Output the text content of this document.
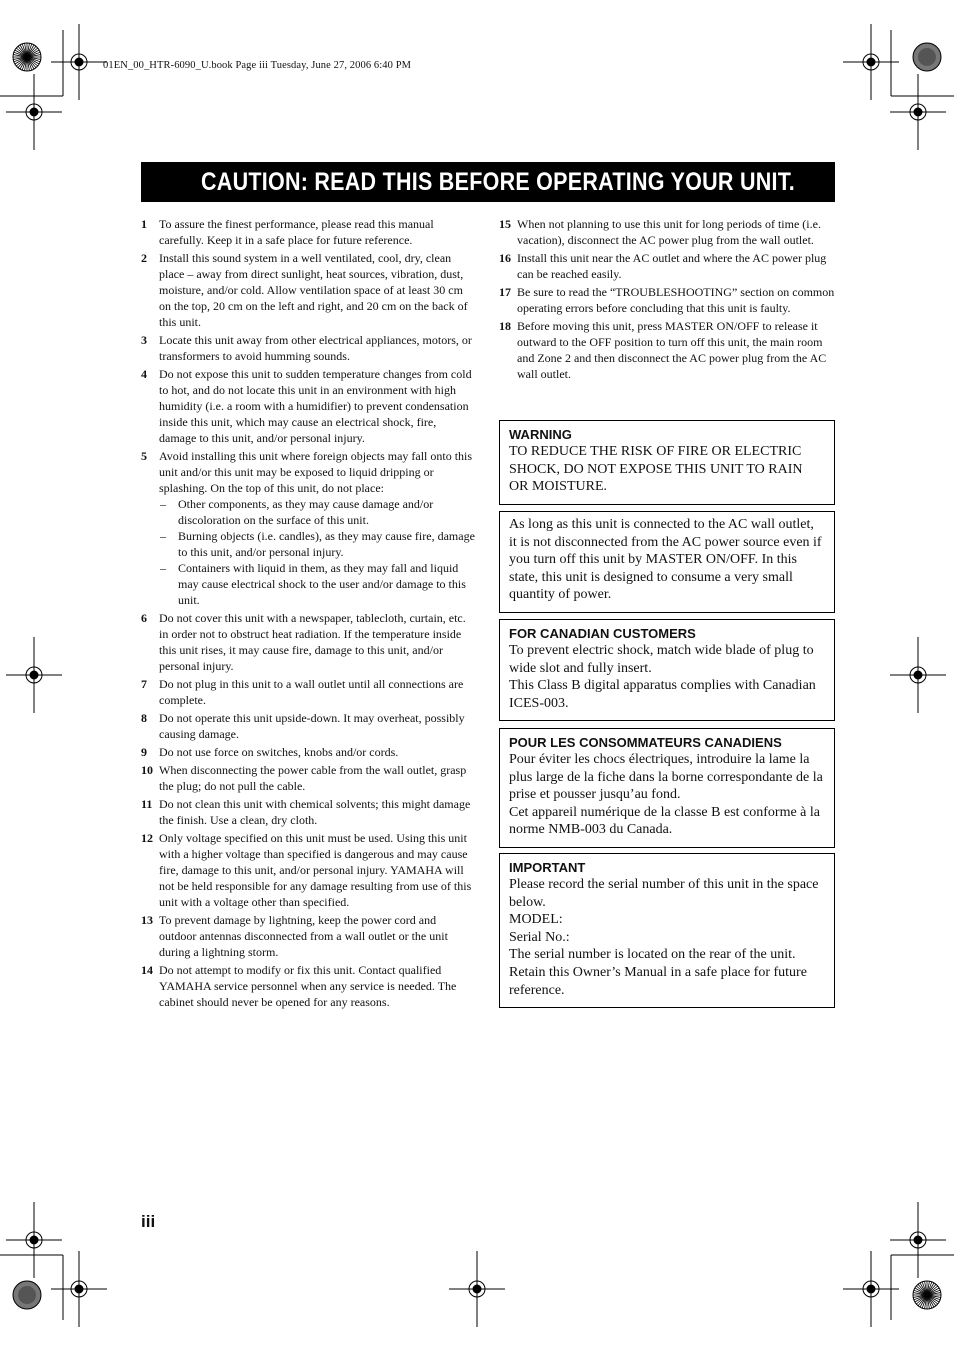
01EN_00_HTR-6090_U.book Page iii Tuesday, June 27, 2006 6:40 PM
CAUTION: READ THIS BEFORE OPERATING YOUR UNIT.
1	To assure the finest performance, please read this manual carefully. Keep it in a safe place for future reference.
2	Install this sound system in a well ventilated, cool, dry, clean place – away from direct sunlight, heat sources, vibration, dust, moisture, and/or cold. Allow ventilation space of at least 30 cm on the top, 20 cm on the left and right, and 20 cm on the back of this unit.
3	Locate this unit away from other electrical appliances, motors, or transformers to avoid humming sounds.
4	Do not expose this unit to sudden temperature changes from cold to hot, and do not locate this unit in an environment with high humidity (i.e. a room with a humidifier) to prevent condensation inside this unit, which may cause an electrical shock, fire, damage to this unit, and/or personal injury.
5	Avoid installing this unit where foreign objects may fall onto this unit and/or this unit may be exposed to liquid dripping or splashing. On the top of this unit, do not place:
–	Other components, as they may cause damage and/or discoloration on the surface of this unit.
–	Burning objects (i.e. candles), as they may cause fire, damage to this unit, and/or personal injury.
–	Containers with liquid in them, as they may fall and liquid may cause electrical shock to the user and/or damage to this unit.
6	Do not cover this unit with a newspaper, tablecloth, curtain, etc. in order not to obstruct heat radiation. If the temperature inside this unit rises, it may cause fire, damage to this unit, and/or personal injury.
7	Do not plug in this unit to a wall outlet until all connections are complete.
8	Do not operate this unit upside-down. It may overheat, possibly causing damage.
9	Do not use force on switches, knobs and/or cords.
10 When disconnecting the power cable from the wall outlet, grasp the plug; do not pull the cable.
11 Do not clean this unit with chemical solvents; this might damage the finish. Use a clean, dry cloth.
12 Only voltage specified on this unit must be used. Using this unit with a higher voltage than specified is dangerous and may cause fire, damage to this unit, and/or personal injury. YAMAHA will not be held responsible for any damage resulting from use of this unit with a voltage other than specified.
13 To prevent damage by lightning, keep the power cord and outdoor antennas disconnected from a wall outlet or the unit during a lightning storm.
14 Do not attempt to modify or fix this unit. Contact qualified YAMAHA service personnel when any service is needed. The cabinet should never be opened for any reasons.
15 When not planning to use this unit for long periods of time (i.e. vacation), disconnect the AC power plug from the wall outlet.
16 Install this unit near the AC outlet and where the AC power plug can be reached easily.
17 Be sure to read the “TROUBLESHOOTING” section on common operating errors before concluding that this unit is faulty.
18 Before moving this unit, press MASTER ON/OFF to release it outward to the OFF position to turn off this unit, the main room and Zone 2 and then disconnect the AC power plug from the AC wall outlet.
WARNING

TO REDUCE THE RISK OF FIRE OR ELECTRIC SHOCK, DO NOT EXPOSE THIS UNIT TO RAIN OR MOISTURE.

As long as this unit is connected to the AC wall outlet, it is not disconnected from the AC power source even if you turn off this unit by MASTER ON/OFF. In this state, this unit is designed to consume a very small quantity of power.

FOR CANADIAN CUSTOMERS

To prevent electric shock, match wide blade of plug to wide slot and fully insert.

This Class B digital apparatus complies with Canadian ICES-003.

POUR LES CONSOMMATEURS CANADIENS

Pour éviter les chocs électriques, introduire la lame la plus large de la fiche dans la borne correspondante de la prise et pousser jusqu’au fond.

Cet appareil numérique de la classe B est conforme à la norme NMB-003 du Canada.

IMPORTANT

Please record the serial number of this unit in the space below.

MODEL:

Serial No.:

The serial number is located on the rear of the unit.

Retain this Owner’s Manual in a safe place for future reference.

iii
